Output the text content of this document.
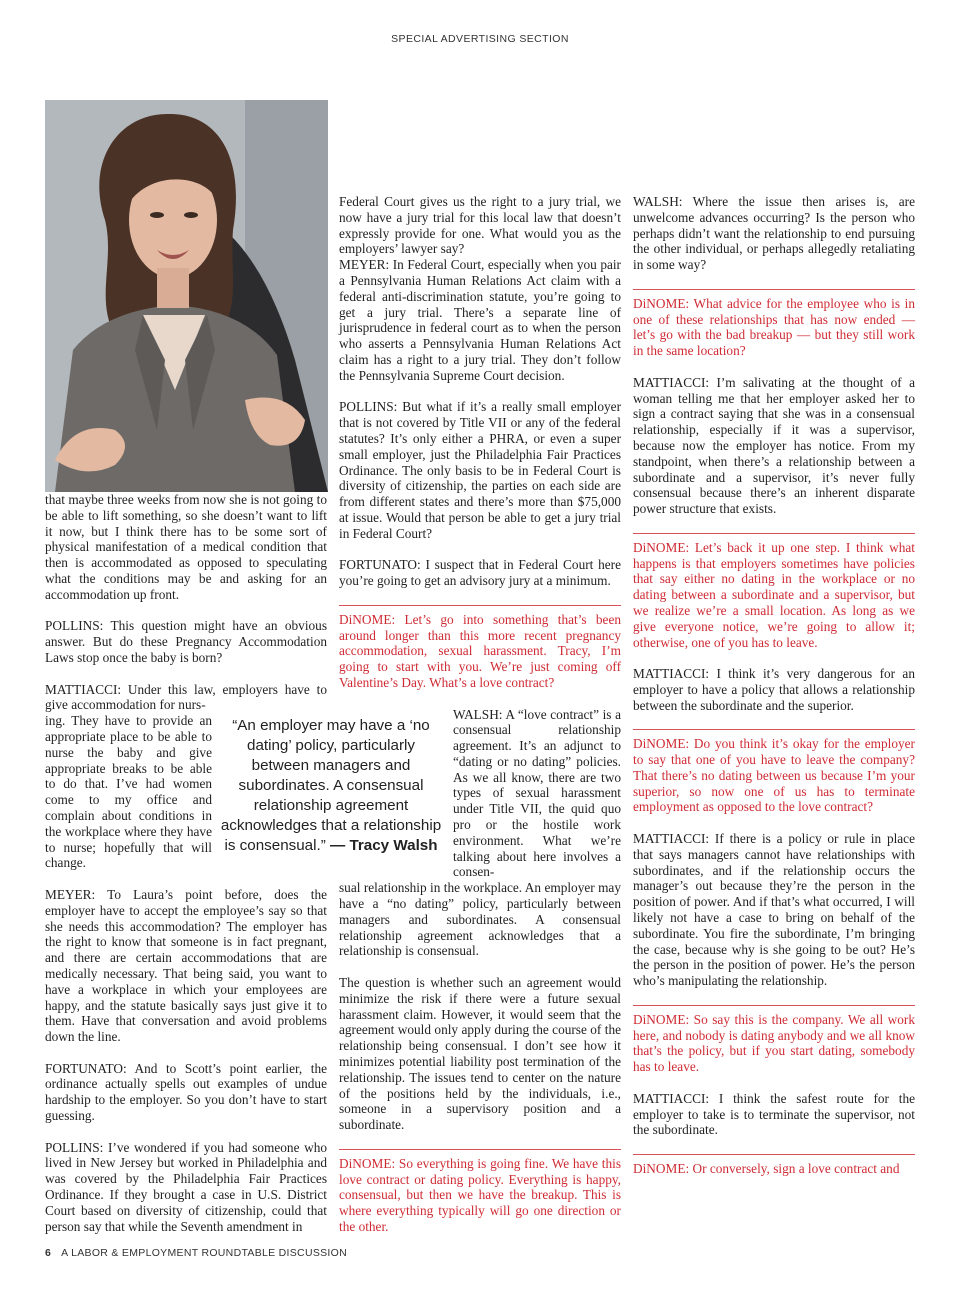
SPECIAL ADVERTISING SECTION

that maybe three weeks from now she is not going to be able to lift something, so she doesn’t want to lift it now, but I think there has to be some sort of physical manifestation of a medical condition that then is accommodated as opposed to speculating what the conditions may be and asking for an accommodation up front.

POLLINS: This question might have an obvious answer. But do these Pregnancy Accommodation Laws stop once the baby is born?

MATTIACCI: Under this law, employers have to give accommodation for nurs-

ing. They have to provide an appropriate place to be able to nurse the baby and give appropriate breaks to be able to do that. I’ve had women come to my office and complain about conditions in the workplace where they have to nurse; hopefully that will change.

MEYER: To Laura’s point before, does the employer have to accept the employee’s say so that she needs this accommodation? The employer has the right to know that someone is in fact pregnant, and there are certain accommodations that are medically necessary. That being said, you want to have a workplace in which your employees are happy, and the statute basically says just give it to them. Have that conversation and avoid problems down the line.

FORTUNATO: And to Scott’s point earlier, the ordinance actually spells out examples of undue hardship to the employer. So you don’t have to start guessing.

POLLINS: I’ve wondered if you had someone who lived in New Jersey but worked in Philadelphia and was covered by the Philadelphia Fair Practices Ordinance. If they brought a case in U.S. District Court based on diversity of citizenship, could that person say that while the Seventh amendment in

Federal Court gives us the right to a jury trial, we now have a jury trial for this local law that doesn’t expressly provide for one. What would you as the employers’ lawyer say?

MEYER: In Federal Court, especially when you pair a Pennsylvania Human Relations Act claim with a federal anti-discrimination statute, you’re going to get a jury trial. There’s a separate line of jurisprudence in federal court as to when the person who asserts a Pennsylvania Human Relations Act claim has a right to a jury trial. They don’t follow the Pennsylvania Supreme Court decision.

POLLINS: But what if it’s a really small employer that is not covered by Title VII or any of the federal statutes? It’s only either a PHRA, or even a super small employer, just the Philadelphia Fair Practices Ordinance. The only basis to be in Federal Court is diversity of citizenship, the parties on each side are from different states and there’s more than $75,000 at issue. Would that person be able to get a jury trial in Federal Court?

FORTUNATO: I suspect that in Federal Court here you’re going to get an advisory jury at a minimum.

DiNOME: Let’s go into something that’s been around longer than this more recent pregnancy accommodation, sexual harassment. Tracy, I’m going to start with you. We’re just coming off Valentine’s Day. What’s a love contract?

WALSH: A “love contract” is a consensual relationship agreement. It’s an adjunct to “dating or no dating” policies. As we all know, there are two types of sexual harassment under Title VII, the quid quo pro or the hostile work environment. What we’re talking about here involves a consen-

sual relationship in the workplace. An employer may have a “no dating” policy, particularly between managers and subordinates. A consensual relationship agreement acknowledges that a relationship is consensual.

The question is whether such an agreement would minimize the risk if there were a future sexual harassment claim. However, it would seem that the agreement would only apply during the course of the relationship being consensual. I don’t see how it minimizes potential liability post termination of the relationship. The issues tend to center on the nature of the positions held by the individuals, i.e., someone in a supervisory position and a subordinate.

DiNOME: So everything is going fine. We have this love contract or dating policy. Everything is happy, consensual, but then we have the breakup. This is where everything typically will go one direction or the other.

WALSH: Where the issue then arises is, are unwelcome advances occurring? Is the person who perhaps didn’t want the relationship to end pursuing the other individual, or perhaps allegedly retaliating in some way?

DiNOME: What advice for the employee who is in one of these relationships that has now ended — let’s go with the bad breakup — but they still work in the same location?

MATTIACCI: I’m salivating at the thought of a woman telling me that her employer asked her to sign a contract saying that she was in a consensual relationship, especially if it was a supervisor, because now the employer has notice. From my standpoint, when there’s a relationship between a subordinate and a supervisor, it’s never fully consensual because there’s an inherent disparate power structure that exists.

DiNOME: Let’s back it up one step. I think what happens is that employers sometimes have policies that say either no dating in the workplace or no dating between a subordinate and a supervisor, but we realize we’re a small location. As long as we give everyone notice, we’re going to allow it; otherwise, one of you has to leave.

MATTIACCI: I think it’s very dangerous for an employer to have a policy that allows a relationship between the subordinate and the superior.

DiNOME: Do you think it’s okay for the employer to say that one of you have to leave the company? That there’s no dating between us because I’m your superior, so now one of us has to terminate employment as opposed to the love contract?

MATTIACCI: If there is a policy or rule in place that says managers cannot have relationships with subordinates, and if the relationship occurs the manager’s out because they’re the person in the position of power. And if that’s what occurred, I will likely not have a case to bring on behalf of the subordinate. You fire the subordinate, I’m bringing the case, because why is she going to be out? He’s the person in the position of power. He’s the person who’s manipulating the relationship.

DiNOME: So say this is the company. We all work here, and nobody is dating anybody and we all know that’s the policy, but if you start dating, somebody has to leave.

MATTIACCI: I think the safest route for the employer to take is to terminate the supervisor, not the subordinate.

DiNOME: Or conversely, sign a love contract and

“An employer may have a ‘no dating’ policy, particularly between managers and subordinates. A consensual relationship agreement acknowledges that a relationship is consensual.” — Tracy Walsh
6 A LABOR & EMPLOYMENT ROUNDTABLE DISCUSSION
